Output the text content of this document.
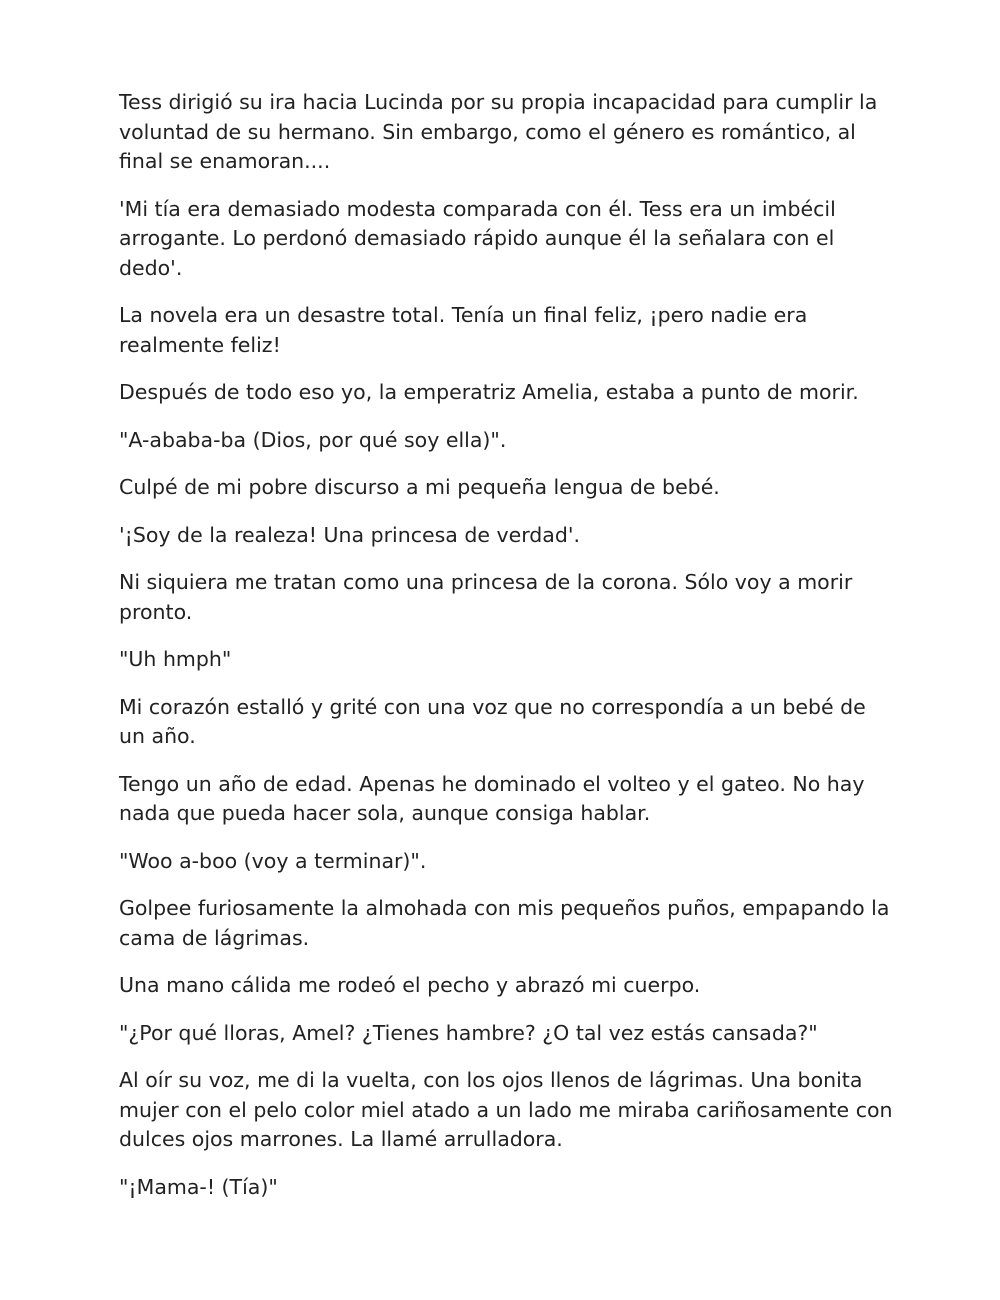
Tess dirigió su ira hacia Lucinda por su propia incapacidad para cumplir la voluntad de su hermano. Sin embargo, como el género es romántico, al final se enamoran....

'Mi tía era demasiado modesta comparada con él. Tess era un imbécil arrogante. Lo perdonó demasiado rápido aunque él la señalara con el dedo'.

La novela era un desastre total. Tenía un final feliz, ¡pero nadie era realmente feliz!

Después de todo eso yo, la emperatriz Amelia, estaba a punto de morir.

"A-ababa-ba (Dios, por qué soy ella)".

Culpé de mi pobre discurso a mi pequeña lengua de bebé.

'¡Soy de la realeza! Una princesa de verdad'.

Ni siquiera me tratan como una princesa de la corona. Sólo voy a morir pronto.

"Uh hmph"

Mi corazón estalló y grité con una voz que no correspondía a un bebé de un año.

Tengo un año de edad. Apenas he dominado el volteo y el gateo. No hay nada que pueda hacer sola, aunque consiga hablar.

"Woo a-boo (voy a terminar)".

Golpee furiosamente la almohada con mis pequeños puños, empapando la cama de lágrimas.

Una mano cálida me rodeó el pecho y abrazó mi cuerpo.

"¿Por qué lloras, Amel? ¿Tienes hambre? ¿O tal vez estás cansada?"

Al oír su voz, me di la vuelta, con los ojos llenos de lágrimas. Una bonita mujer con el pelo color miel atado a un lado me miraba cariñosamente con dulces ojos marrones. La llamé arrulladora.

"¡Mama-! (Tía)"
